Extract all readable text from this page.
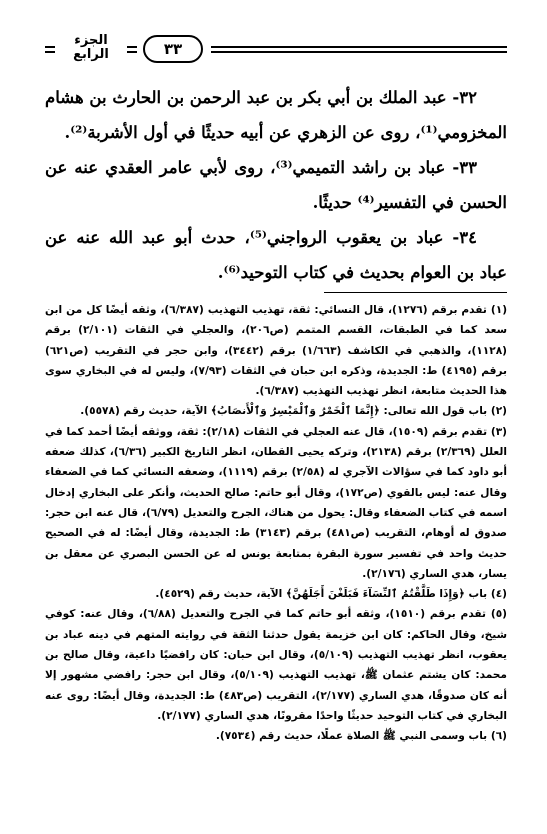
الجزء الرابع	٣٣

٣٢- عبد الملك بن أبي بكر بن عبد الرحمن بن الحارث بن هشام المخزومي⁽¹⁾، روى عن الزهري عن أبيه حديثًا في أول الأشربة⁽²⁾.

٣٣- عباد بن راشد التميمي⁽³⁾، روى لأبي عامر العقدي عنه عن الحسن في التفسير⁽⁴⁾ حديثًا.

٣٤- عباد بن يعقوب الرواجني⁽⁵⁾، حدث أبو عبد الله عنه عن عباد بن العوام بحديث في كتاب التوحيد⁽⁶⁾.

(١) تقدم برقم (١٢٧٦)، قال النسائي: ثقة، تهذيب التهذيب (٦/٣٨٧)، وثقه أيضًا كل من ابن سعد كما في الطبقات، القسم المتمم (ص٢٠٦)، والعجلي في الثقات (٢/١٠١) برقم (١١٢٨)، والذهبي في الكاشف (١/٦٦٣) برقم (٣٤٤٢)، وابن حجر في التقريب (ص٦٢١) برقم (٤١٩٥) ط: الجديدة، وذكره ابن حبان في الثقات (٧/٩٣)، وليس له في البخاري سوى هذا الحديث متابعة، انظر تهذيب التهذيب (٦/٣٨٧).

(٢) باب قول الله تعالى: ﴿إِنَّمَا ٱلْخَمْرُ وَٱلْمَيْسِرُ وَٱلْأَنصَابُ﴾ الآية، حديث رقم (٥٥٧٨).

(٣) تقدم برقم (١٥٠٩)، قال عنه العجلي في الثقات (٢/١٨): ثقة، ووثقه أيضًا أحمد كما في العلل (٢/٣٦٩) برقم (٢١٣٨)، وتركه يحيى القطان، انظر التاريخ الكبير (٦/٣٦)، كذلك ضعفه أبو داود كما في سؤالات الآجري له (٢/٥٨) برقم (١١١٩)، وضعفه النسائي كما في الضعفاء وقال عنه: ليس بالقوي (ص١٧٢)، وقال أبو حاتم: صالح الحديث، وأنكر على البخاري إدخال اسمه في كتاب الضعفاء وقال: يحول من هناك، الجرح والتعديل (٦/٧٩)، قال عنه ابن حجر: صدوق له أوهام، التقريب (ص٤٨١) برقم (٣١٤٣) ط: الجديدة، وقال أيضًا: له في الصحيح حديث واحد في تفسير سورة البقرة بمتابعة يونس له عن الحسن البصري عن معقل بن يسار، هدي الساري (٢/١٧٦).

(٤) باب ﴿وَإِذَا طَلَّقْتُمُ ٱلنِّسَآءَ فَبَلَغْنَ أَجَلَهُنَّ﴾ الآية، حديث رقم (٤٥٢٩).

(٥) تقدم برقم (١٥١٠)، وثقه أبو حاتم كما في الجرح والتعديل (٦/٨٨)، وقال عنه: كوفي شيخ، وقال الحاكم: كان ابن خزيمة يقول حدثنا الثقة في روايته المتهم في دينه عباد بن يعقوب، انظر تهذيب التهذيب (٥/١٠٩)، وقال ابن حبان: كان رافضيًا داعية، وقال صالح بن محمد: كان يشتم عثمان ﷺ، تهذيب التهذيب (٥/١٠٩)، وقال ابن حجر: رافضي مشهور إلا أنه كان صدوقًا، هدي الساري (٢/١٧٧)، التقريب (ص٤٨٣) ط: الجديدة، وقال أيضًا: روى عنه البخاري في كتاب التوحيد حديثًا واحدًا مقرونًا، هدي الساري (٢/١٧٧).

(٦) باب وسمى النبي ﷺ الصلاة عملًا، حديث رقم (٧٥٣٤).
